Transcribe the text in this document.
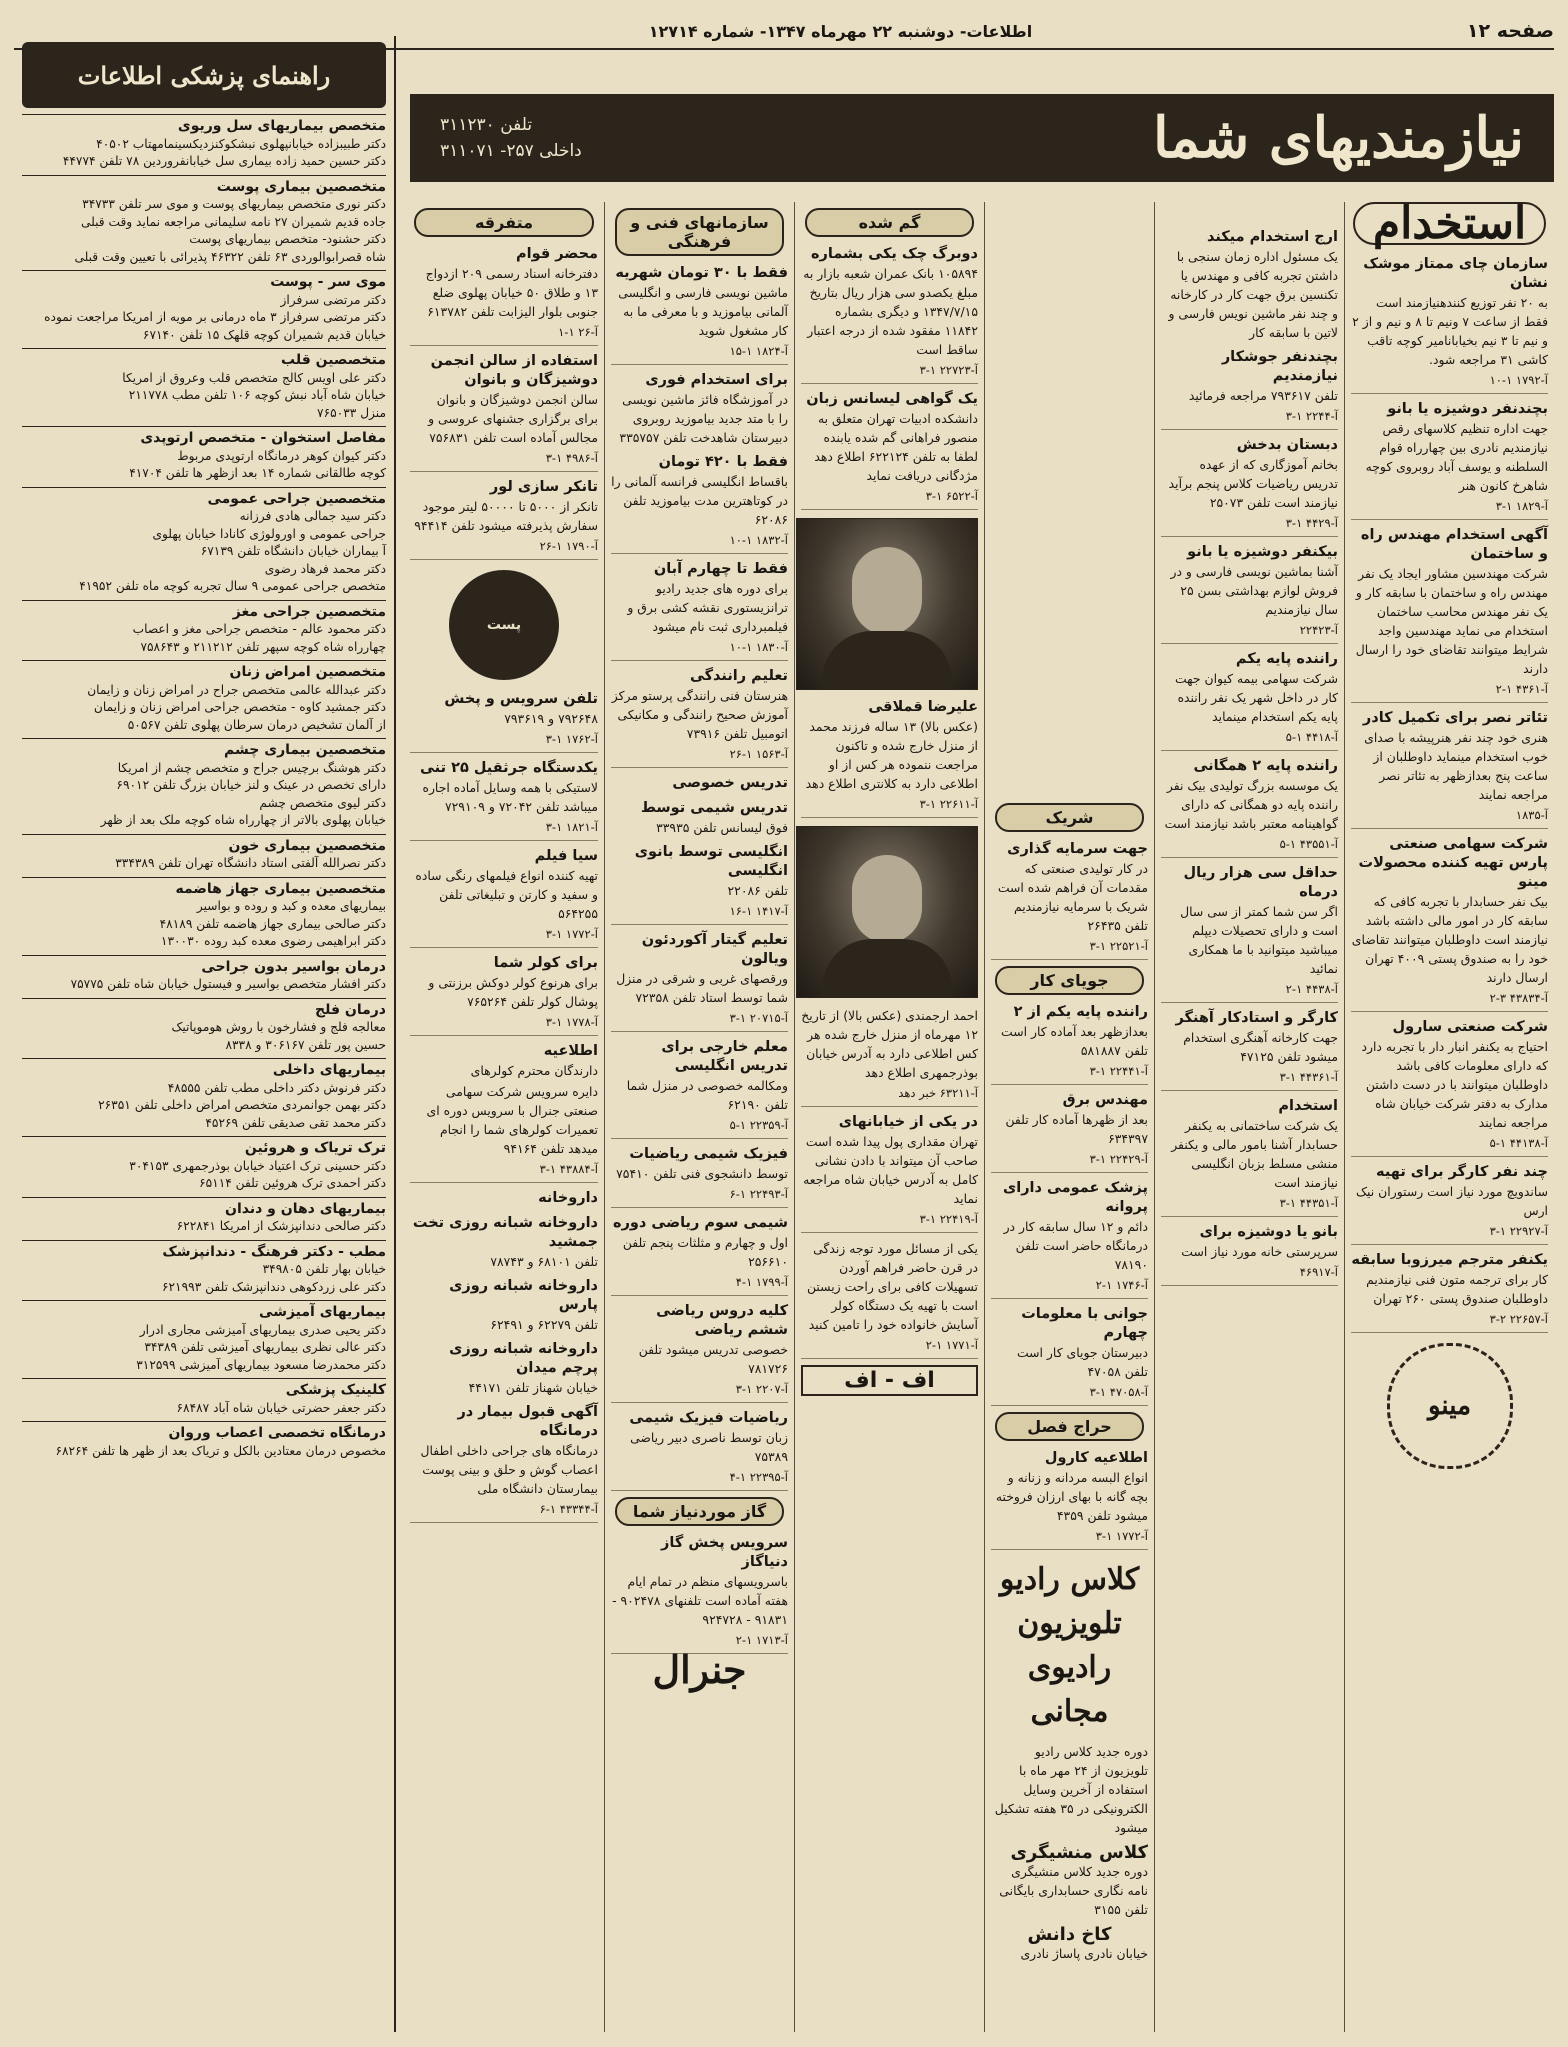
صفحه ۱۲
اطلاعات- دوشنبه ۲۲ مهرماه ۱۳۴۷- شماره ۱۲۷۱۴
راهنمای پزشکی اطلاعات
متخصص بیماریهای سل وریوی
دکتر طبیبزاده خیابانپهلوی نبشکوکنزدیکسینمامهتاب ۴۰۵۰۲
دکتر حسین حمید زاده بیماری سل خیابانفروردین ۷۸ تلفن ۴۴۷۷۴
متخصصین بیماری پوست
دکتر نوری متخصص بیماریهای پوست و موی سر تلفن ۳۴۷۳۳
جاده قدیم شمیران ۲۷ نامه سلیمانی مراجعه نماید وقت قبلی
دکتر حشنود- متخصص بیماریهای پوست
شاه قصرابوالوردی ۶۳ تلفن ۴۶۳۲۲ پذیرائی با تعیین وقت قبلی
موی سر - پوست
دکتر مرتضی سرفراز
دکتر مرتضی سرفراز ۳ ماه درمانی بر مویه از امریکا مراجعت نموده خیابان قدیم شمیران کوچه قلهک ۱۵ تلفن ۶۷۱۴۰
متخصصین قلب
دکتر علی اویس کالج متخصص قلب وعروق از امریکا
خیابان شاه آباد نبش کوچه ۱۰۶ تلفن مطب ۲۱۱۷۷۸
منزل ۷۶۵۰۳۳
مفاصل استخوان - متخصص ارتوپدی
دکتر کیوان کوهر درمانگاه ارتوپدی مربوط
کوچه طالقانی شماره ۱۴ بعد ازظهر ها تلفن ۴۱۷۰۴
متخصصین جراحی عمومی
دکتر سید جمالی هادی فرزانه
جراحی عمومی و اورولوژی کانادا خیابان پهلوی
آ بیماران خیابان دانشگاه تلفن ۶۷۱۳۹
دکتر محمد فرهاد رضوی
متخصص جراحی عمومی ۹ سال تجربه کوچه ماه تلفن ۴۱۹۵۲
متخصصین جراحی مغز
دکتر محمود عالم - متخصص جراحی مغز و اعصاب
چهارراه شاه کوچه سپهر تلفن ۲۱۱۲۱۲ و ۷۵۸۶۴۳
متخصصین امراض زنان
دکتر عبدالله عالمی متخصص جراح در امراض زنان و زایمان
دکتر جمشید کاوه - متخصص جراحی امراض زنان و زایمان
از آلمان تشخیص درمان سرطان پهلوی تلفن ۵۰۵۶۷
متخصصین بیماری چشم
دکتر هوشنگ برچیس جراح و متخصص چشم از امریکا
دارای تخصص در عینک و لنز خیابان بزرگ تلفن ۶۹۰۱۲
دکتر لیوی متخصص چشم
خیابان پهلوی بالاتر از چهارراه شاه کوچه ملک بعد از ظهر
متخصصین بیماری خون
دکتر نصرالله آلفتی استاد دانشگاه تهران تلفن ۳۳۴۳۸۹
متخصصین بیماری جهاز هاضمه
بیماریهای معده و کبد و روده و بواسیر
دکتر صالحی بیماری جهاز هاضمه تلفن ۴۸۱۸۹
دکتر ابراهیمی رضوی معده کبد روده ۱۳۰۰۳۰
درمان بواسیر بدون جراحی
دکتر افشار متخصص بواسیر و فیستول خیابان شاه تلفن ۷۵۷۷۵
درمان فلج
معالجه فلج و فشارخون با روش هوموپاتیک
حسین پور تلفن ۳۰۶۱۶۷ و ۸۳۳۸
بیماریهای داخلی
دکتر فرنوش دکتر داخلی مطب تلفن ۴۸۵۵۵
دکتر بهمن جوانمردی متخصص امراض داخلی تلفن ۲۶۳۵۱
دکتر محمد تقی صدیقی تلفن ۴۵۲۶۹
ترک تریاک و هروئین
دکتر حسینی ترک اعتیاد خیابان بوذرجمهری ۳۰۴۱۵۳
دکتر احمدی ترک هروئین تلفن ۶۵۱۱۴
بیماریهای دهان و دندان
دکتر صالحی دندانپزشک از امریکا ۶۲۲۸۴۱
مطب - دکتر فرهنگ - دندانپزشک
خیابان بهار تلفن ۳۴۹۸۰۵
دکتر علی زردکوهی دندانپزشک تلفن ۶۲۱۹۹۳
بیماریهای آمیزشی
دکتر یحیی صدری بیماریهای آمیزشی مجاری ادرار
دکتر عالی نظری بیماریهای آمیزشی تلفن ۳۴۳۸۹
دکتر محمدرضا مسعود بیماریهای آمیزشی ۳۱۲۵۹۹
کلینیک پزشکی
دکتر جعفر حضرتی خیابان شاه آباد ۶۸۴۸۷
درمانگاه تخصصی اعصاب وروان
مخصوص درمان معتادین بالکل و تریاک بعد از ظهر ها تلفن ۶۸۲۶۴
نیازمندیهای شما
تلفن ۳۱۱۲۳۰
داخلی ۲۵۷- ۳۱۱۰۷۱
استخدام
سازمان چای ممتاز موشک نشان
به ۲۰ نفر توزیع کنندهنیازمند است فقط از ساعت ۷ ونیم تا ۸ و نیم و از ۲ و نیم تا ۳ نیم بخیابانامیر کوچه تاقب کاشی ۳۱ مراجعه شود.
آ-۱۷۹۲ ۱-۱۰
بچندنفر دوشیزه یا بانو
جهت اداره تنظیم کلاسهای رقص نیازمندیم نادری بین چهارراه قوام السلطنه و یوسف آباد روبروی کوچه شاهرخ کانون هنر
آ-۱۸۲۹ ۱-۳
آگهی استخدام مهندس راه و ساختمان
شرکت مهندسین مشاور ایجاد یک نفر مهندس راه و ساختمان با سابقه کار و یک نفر مهندس محاسب ساختمان استخدام می نماید مهندسین واجد شرایط میتوانند تقاضای خود را ارسال دارند
آ-۴۳۶۱ ۱-۲
تئاتر نصر برای تکمیل کادر
هنری خود چند نفر هنرپیشه با صدای خوب استخدام مینماید داوطلبان از ساعت پنج بعدازظهر به تئاتر نصر مراجعه نمایند
آ-۱۸۳۵
شرکت سهامی صنعتی پارس تهیه کننده محصولات مینو
بیک نفر حسابدار با تجربه کافی که سابقه کار در امور مالی داشته باشد نیازمند است داوطلبان میتوانند تقاضای خود را به صندوق پستی ۴۰۰۹ تهران ارسال دارند
آ-۴۳۸۳۴ ۳-۲
شرکت صنعتی سارول
احتیاج به یکنفر انبار دار با تجربه دارد که دارای معلومات کافی باشد داوطلبان میتوانند با در دست داشتن مدارک به دفتر شرکت خیابان شاه مراجعه نمایند
آ-۴۴۱۳۸ ۱-۵
چند نفر کارگر برای تهیه
ساندویچ مورد نیاز است رستوران نیک ارس
آ-۲۲۹۲۷ ۱-۳
یکنفر مترجم میرزوبا سابقه
کار برای ترجمه متون فنی نیازمندیم داوطلبان صندوق پستی ۲۶۰ تهران
آ-۲۲۶۵۷ ۲-۳
مینو
ارج استخدام میکند
یک مسئول اداره زمان سنجی با داشتن تجربه کافی و مهندس یا تکنسین برق جهت کار در کارخانه و چند نفر ماشین نویس فارسی و لاتین با سابقه کار
بچندنفر جوشکار نیازمندیم
تلفن ۷۹۳۶۱۷ مراجعه فرمائید
آ-۲۲۴۴ ۱-۳
دبستان بدخش
بخانم آموزگاری که از عهده تدریس ریاضیات کلاس پنجم برآید نیازمند است تلفن ۲۵۰۷۳
آ-۴۴۲۹ ۱-۳
بیکنفر دوشیزه یا بانو
آشنا بماشین نویسی فارسی و در فروش لوازم بهداشتی بسن ۲۵ سال نیازمندیم
آ-۲۲۴۲۳
راننده پایه یکم
شرکت سهامی بیمه کیوان جهت کار در داخل شهر یک نفر راننده پایه یکم استخدام مینماید
آ-۴۴۱۸ ۱-۵
راننده پایه ۲ همگانی
یک موسسه بزرگ تولیدی بیک نفر راننده پایه دو همگانی که دارای گواهینامه معتبر باشد نیازمند است
آ-۴۳۵۵۱ ۱-۵
حداقل سی هزار ریال درماه
اگر سن شما کمتر از سی سال است و دارای تحصیلات دیپلم میباشید میتوانید با ما همکاری نمائید
آ-۴۴۳۸ ۱-۲
کارگر و استادکار آهنگر
جهت کارخانه آهنگری استخدام میشود تلفن ۴۷۱۲۵
آ-۴۴۳۶۱ ۱-۳
استخدام
یک شرکت ساختمانی به یکنفر حسابدار آشنا بامور مالی و یکنفر منشی مسلط بزبان انگلیسی نیازمند است
آ-۴۴۳۵۱ ۱-۳
بانو یا دوشیزه برای
سرپرستی خانه مورد نیاز است
آ-۴۶۹۱۷

شریک
جهت سرمایه گذاری
در کار تولیدی صنعتی که مقدمات آن فراهم شده است شریک با سرمایه نیازمندیم تلفن ۲۶۴۳۵
آ-۲۲۵۲۱ ۱-۳
جویای کار
راننده پایه یکم از ۲
بعدازظهر بعد آماده کار است تلفن ۵۸۱۸۸۷
آ-۲۲۴۴۱ ۱-۳
مهندس برق
بعد از ظهرها آماده کار تلفن ۶۳۴۳۹۷
آ-۲۲۴۲۹ ۱-۳
پزشک عمومی دارای پروانه
دائم و ۱۲ سال سابقه کار در درمانگاه حاضر است تلفن ۷۸۱۹۰
آ-۱۷۴۶ ۱-۲
جوانی با معلومات چهارم
دبیرستان جویای کار است تلفن ۴۷۰۵۸
آ-۴۷۰۵۸ ۱-۳
حراج فصل
اطلاعیه کارول
انواع البسه مردانه و زنانه و بچه گانه با بهای ارزان فروخته میشود تلفن ۴۳۵۹
آ-۱۷۷۲ ۱-۳
کلاس رادیو
تلویزیون
رادیوی
مجانی
دوره جدید کلاس رادیو تلویزیون از ۲۴ مهر ماه با استفاده از آخرین وسایل الکترونیکی در ۳۵ هفته تشکیل میشود
کلاس منشیگری
دوره جدید کلاس منشیگری نامه نگاری حسابداری بایگانی تلفن ۳۱۵۵
کاخ دانش
خیابان نادری پاساژ نادری
گم شده
دوبرگ چک یکی بشماره
۱۰۵۸۹۴ بانک عمران شعبه بازار به مبلغ یکصدو سی هزار ریال بتاریخ ۱۳۴۷/۷/۱۵ و دیگری بشماره ۱۱۸۴۲ مفقود شده از درجه اعتبار ساقط است
آ-۲۲۷۲۳ ۱-۳
یک گواهی لیسانس زبان
دانشکده ادبیات تهران متعلق به منصور فراهانی گم شده یابنده لطفا به تلفن ۶۲۲۱۲۴ اطلاع دهد مژدگانی دریافت نماید
آ-۶۵۲۲ ۱-۳
علیرضا قملاقی
(عکس بالا) ۱۳ ساله فرزند محمد از منزل خارج شده و تاکنون مراجعت ننموده هر کس از او اطلاعی دارد به کلانتری اطلاع دهد
آ-۲۲۶۱۱ ۱-۳
احمد ارجمندی (عکس بالا) از تاریخ ۱۲ مهرماه از منزل خارج شده هر کس اطلاعی دارد به آدرس خیابان بوذرجمهری اطلاع دهد
آ-۶۳۲۱۱ خبر دهد
در یکی از خیابانهای
تهران مقداری پول پیدا شده است صاحب آن میتواند با دادن نشانی کامل به آدرس خیابان شاه مراجعه نماید
آ-۲۲۴۱۹ ۱-۳
یکی از مسائل مورد توجه زندگی در قرن حاضر فراهم آوردن تسهیلات کافی برای راحت زیستن است با تهیه یک دستگاه کولر آسایش خانواده خود را تامین کنید
آ-۱۷۷۱ ۱-۲
اف - اف
سازمانهای فنی و فرهنگی
فقط با ۳۰ تومان شهریه
ماشین نویسی فارسی و انگلیسی آلمانی بیاموزید و با معرفی ما به کار مشغول شوید
آ-۱۸۲۴ ۱-۱۵
برای استخدام فوری
در آموزشگاه فائز ماشین نویسی را با متد جدید بیاموزید روبروی دبیرستان شاهدخت تلفن ۳۳۵۷۵۷
فقط با ۴۲۰ تومان
باقساط انگلیسی فرانسه آلمانی را در کوتاهترین مدت بیاموزید تلفن ۶۲۰۸۶
آ-۱۸۳۲ ۱-۱۰
فقط تا چهارم آبان
برای دوره های جدید رادیو ترانزیستوری نقشه کشی برق و فیلمبرداری ثبت نام میشود
آ-۱۸۳۰ ۱-۱۰
تعلیم رانندگی
هنرستان فنی رانندگی پرستو مرکز آموزش صحیح رانندگی و مکانیکی اتومبیل تلفن ۷۳۹۱۶
آ-۱۵۶۳ ۱-۲۶
تدریس خصوصی
تدریس شیمی توسط
فوق لیسانس تلفن ۳۳۹۳۵
انگلیسی توسط بانوی انگلیسی
تلفن ۲۲۰۸۶
آ-۱۴۱۷ ۱-۱۶
تعلیم گیتار آکوردئون ویالون
ورقصهای غربی و شرقی در منزل شما توسط استاد تلفن ۷۲۳۵۸
آ-۲۰۷۱۵ ۱-۳
معلم خارجی برای تدریس انگلیسی
ومکالمه خصوصی در منزل شما تلفن ۶۲۱۹۰
آ-۲۲۳۵۹ ۱-۵
فیزیک شیمی ریاضیات
توسط دانشجوی فنی تلفن ۷۵۴۱۰
آ-۲۲۴۹۳ ۱-۶
شیمی سوم ریاضی دوره
اول و چهارم و مثلثات پنجم تلفن ۲۵۶۶۱۰
آ-۱۷۹۹ ۱-۴
کلیه دروس ریاضی ششم ریاضی
خصوصی تدریس میشود تلفن ۷۸۱۷۲۶
آ-۲۲۰۷ ۱-۳
ریاضیات فیزیک شیمی
زبان توسط ناصری دبیر ریاضی ۷۵۳۸۹
آ-۲۲۳۹۵ ۱-۴
گاز موردنیاز شما
سرویس پخش گاز دنیاگاز
باسرویسهای منظم در تمام ایام هفته آماده است تلفنهای ۹۰۲۴۷۸ - ۹۱۸۳۱ - ۹۲۴۷۲۸
آ-۱۷۱۳ ۱-۲
جنرال
متفرقه
محضر قوام
دفترخانه اسناد رسمی ۲۰۹ ازدواج ۱۳ و طلاق ۵۰ خیابان پهلوی ضلع جنوبی بلوار الیزابت تلفن ۶۱۳۷۸۲
آ-۲۶ ۱-۱
استفاده از سالن انجمن دوشیزگان و بانوان
سالن انجمن دوشیزگان و بانوان برای برگزاری جشنهای عروسی و مجالس آماده است تلفن ۷۵۶۸۳۱
آ-۴۹۸۶ ۱-۳
تانکر سازی لور
تانکر از ۵۰۰۰ تا ۵۰۰۰۰ لیتر موجود سفارش پذیرفته میشود تلفن ۹۴۴۱۴
آ-۱۷۹۰ ۱-۲۶
پست
تلفن سرویس و پخش
۷۹۲۶۴۸ و ۷۹۳۶۱۹
آ-۱۷۶۲ ۱-۳
یکدستگاه جرثقیل ۲۵ تنی
لاستیکی با همه وسایل آماده اجاره میباشد تلفن ۷۲۰۴۲ و ۷۲۹۱۰۹
آ-۱۸۲۱ ۱-۳
سیا فیلم
تهیه کننده انواع فیلمهای رنگی ساده و سفید و کارتن و تبلیغاتی تلفن ۵۶۴۲۵۵
آ-۱۷۷۲ ۱-۳
برای کولر شما
برای هرنوع کولر دوکش برزنتی و پوشال کولر تلفن ۷۶۵۲۶۴
آ-۱۷۷۸ ۱-۳
اطلاعیه
دارندگان محترم کولرهای
دایره سرویس شرکت سهامی صنعتی جنرال با سرویس دوره ای تعمیرات کولرهای شما را انجام میدهد تلفن ۹۴۱۶۴
آ-۴۳۸۸۴ ۱-۳
داروخانه
داروخانه شبانه روزی تخت جمشید
تلفن ۶۸۱۰۱ و ۷۸۷۴۳
داروخانه شبانه روزی پارس
تلفن ۶۲۲۷۹ و ۶۲۴۹۱
داروخانه شبانه روزی پرچم میدان
خیابان شهناز تلفن ۴۴۱۷۱
آگهی قبول بیمار در درمانگاه
درمانگاه های جراحی داخلی اطفال اعصاب گوش و حلق و بینی پوست بیمارستان دانشگاه ملی
آ-۴۳۳۴۴ ۱-۶
